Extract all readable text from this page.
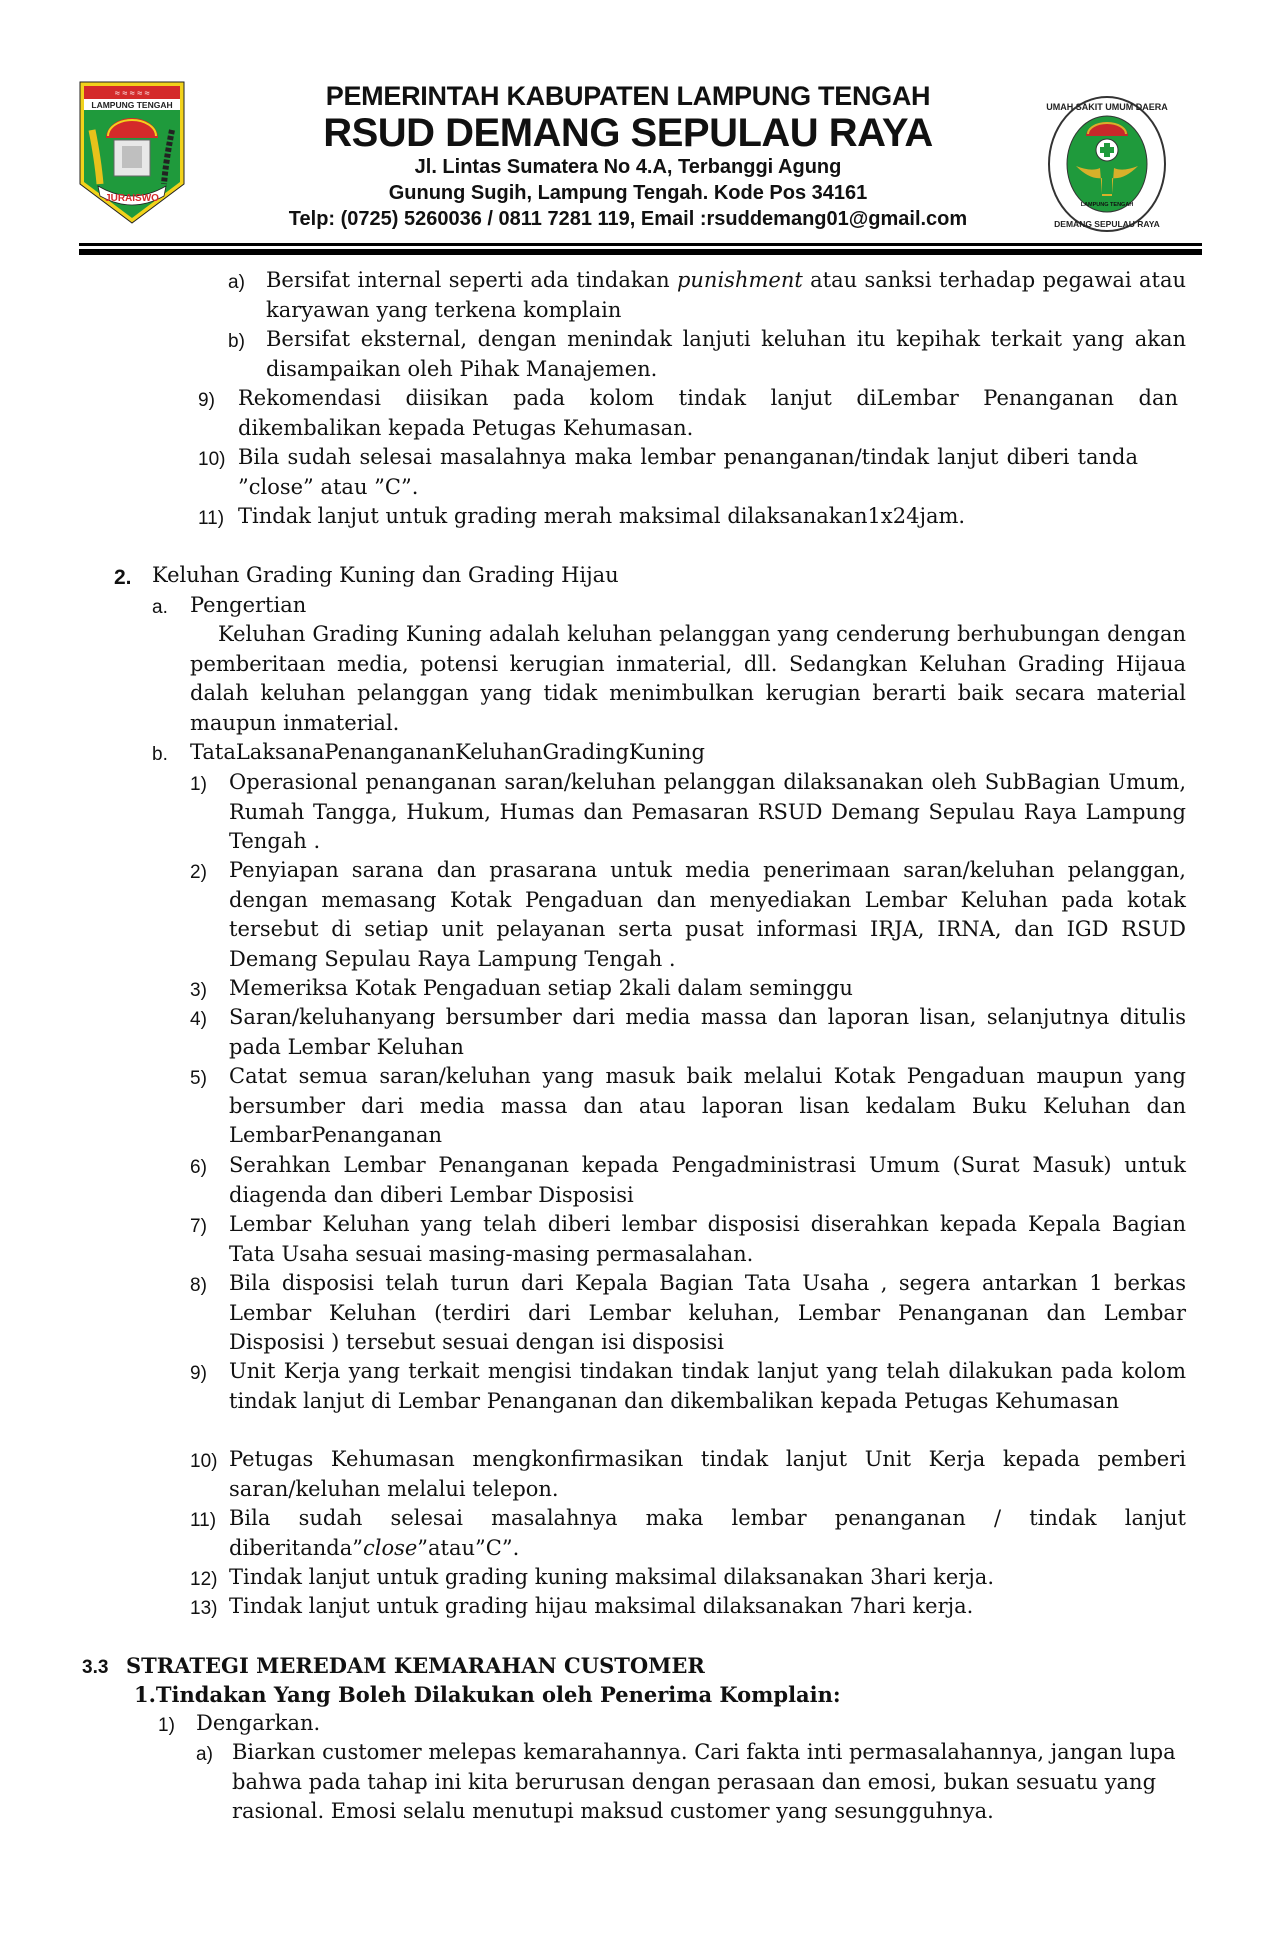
LAMPUNG TENGAH
≈ ≈ ≈ ≈ ≈
JURAISWO
PEMERINTAH KABUPATEN LAMPUNG TENGAH
RSUD DEMANG SEPULAU RAYA
Jl. Lintas Sumatera No 4.A, Terbanggi Agung
Gunung Sugih, Lampung Tengah. Kode Pos 34161
Telp: (0725) 5260036 / 0811 7281 119, Email :rsuddemang01@gmail.com
RUMAH SAKIT UMUM DAERAH
DEMANG SEPULAU RAYA
LAMPUNG TENGAH
a) Bersifat internal seperti ada tindakan punishment atau sanksi terhadap pegawai atau karyawan yang terkena komplain
b) Bersifat eksternal, dengan menindak lanjuti keluhan itu kepihak terkait yang akan disampaikan oleh Pihak Manajemen.
9) Rekomendasi diisikan pada kolom tindak lanjut diLembar Penanganan dan dikembalikan kepada Petugas Kehumasan.
10) Bila sudah selesai masalahnya maka lembar penanganan/tindak lanjut diberi tanda ”close” atau ”C”.
11) Tindak lanjut untuk grading merah maksimal dilaksanakan1x24jam.
2. Keluhan Grading Kuning dan Grading Hijau
a. Pengertian
Keluhan Grading Kuning adalah keluhan pelanggan yang cenderung berhubungan dengan pemberitaan media, potensi kerugian inmaterial, dll. Sedangkan Keluhan Grading Hijaua dalah keluhan pelanggan yang tidak menimbulkan kerugian berarti baik secara material maupun inmaterial.
b. TataLaksanaPenangananKeluhanGradingKuning
1) Operasional penanganan saran/keluhan pelanggan dilaksanakan oleh SubBagian Umum, Rumah Tangga, Hukum, Humas dan Pemasaran RSUD Demang Sepulau Raya Lampung Tengah .
2) Penyiapan sarana dan prasarana untuk media penerimaan saran/keluhan pelanggan, dengan memasang Kotak Pengaduan dan menyediakan Lembar Keluhan pada kotak tersebut di setiap unit pelayanan serta pusat informasi IRJA, IRNA, dan IGD RSUD Demang Sepulau Raya Lampung Tengah .
3) Memeriksa Kotak Pengaduan setiap 2kali dalam seminggu
4) Saran/keluhanyang bersumber dari media massa dan laporan lisan, selanjutnya ditulis pada Lembar Keluhan
5) Catat semua saran/keluhan yang masuk baik melalui Kotak Pengaduan maupun yang bersumber dari media massa dan atau laporan lisan kedalam Buku Keluhan dan LembarPenanganan
6) Serahkan Lembar Penanganan kepada Pengadministrasi Umum (Surat Masuk) untuk diagenda dan diberi Lembar Disposisi
7) Lembar Keluhan yang telah diberi lembar disposisi diserahkan kepada Kepala Bagian Tata Usaha sesuai masing-masing permasalahan.
8) Bila disposisi telah turun dari Kepala Bagian Tata Usaha , segera antarkan 1 berkas Lembar Keluhan (terdiri dari Lembar keluhan, Lembar Penanganan dan Lembar Disposisi ) tersebut sesuai dengan isi disposisi
9) Unit Kerja yang terkait mengisi tindakan tindak lanjut yang telah dilakukan pada kolom tindak lanjut di Lembar Penanganan dan dikembalikan kepada Petugas Kehumasan
10) Petugas Kehumasan mengkonfirmasikan tindak lanjut Unit Kerja kepada pemberi saran/keluhan melalui telepon.
11) Bila sudah selesai masalahnya maka lembar penanganan / tindak lanjut diberitanda”close”atau”C”.
12) Tindak lanjut untuk grading kuning maksimal dilaksanakan 3hari kerja.
13) Tindak lanjut untuk grading hijau maksimal dilaksanakan 7hari kerja.
3.3 STRATEGI MEREDAM KEMARAHAN CUSTOMER
1.Tindakan Yang Boleh Dilakukan oleh Penerima Komplain:
1) Dengarkan.
a) Biarkan customer melepas kemarahannya. Cari fakta inti permasalahannya, jangan lupa bahwa pada tahap ini kita berurusan dengan perasaan dan emosi, bukan sesuatu yang rasional. Emosi selalu menutupi maksud customer yang sesungguhnya.
